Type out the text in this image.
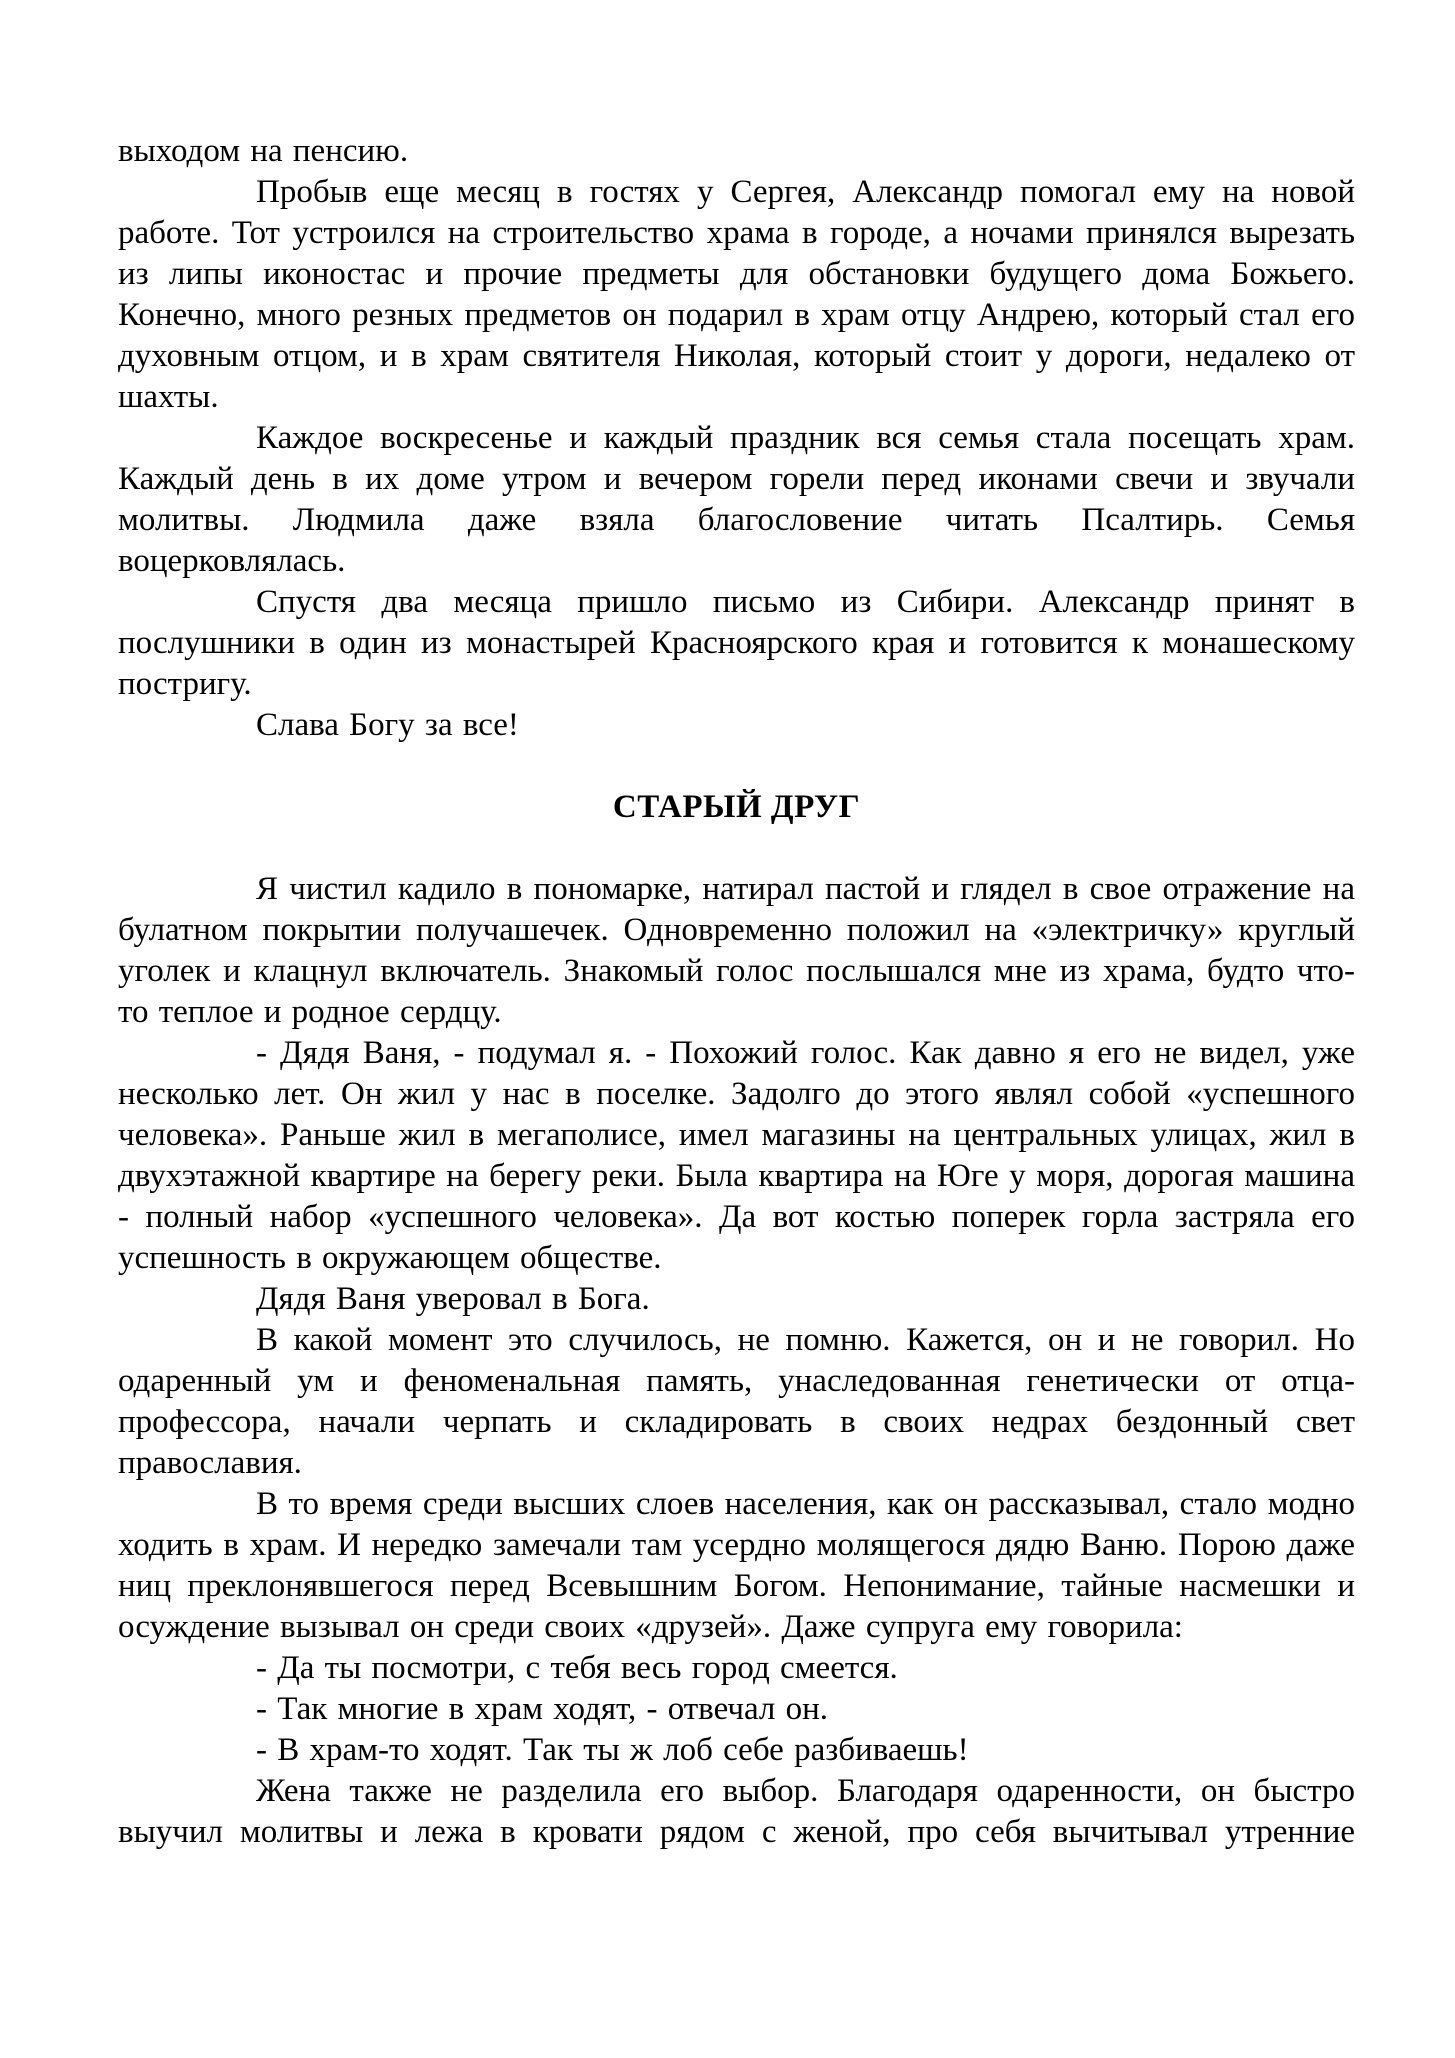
выходом на пенсию.

Пробыв еще месяц в гостях у Сергея, Александр помогал ему на новой работе. Тот устроился на строительство храма в городе, а ночами принялся вырезать из липы иконостас и прочие предметы для обстановки будущего дома Божьего. Конечно, много резных предметов он подарил в храм отцу Андрею, который стал его духовным отцом, и в храм святителя Николая, который стоит у дороги, недалеко от шахты.

Каждое воскресенье и каждый праздник вся семья стала посещать храм. Каждый день в их доме утром и вечером горели перед иконами свечи и звучали молитвы. Людмила даже взяла благословение читать Псалтирь. Семья воцерковлялась.

Спустя два месяца пришло письмо из Сибири. Александр принят в послушники в один из монастырей Красноярского края и готовится к монашескому постригу.

Слава Богу за все!

СТАРЫЙ ДРУГ

Я чистил кадило в пономарке, натирал пастой и глядел в свое отражение на булатном покрытии получашечек. Одновременно положил на «электричку» круглый уголек и клацнул включатель. Знакомый голос послышался мне из храма, будто что-то теплое и родное сердцу.

- Дядя Ваня, - подумал я. - Похожий голос. Как давно я его не видел, уже несколько лет. Он жил у нас в поселке. Задолго до этого являл собой «успешного человека». Раньше жил в мегаполисе, имел магазины на центральных улицах, жил в двухэтажной квартире на берегу реки. Была квартира на Юге у моря, дорогая машина - полный набор «успешного человека». Да вот костью поперек горла застряла его успешность в окружающем обществе.

Дядя Ваня уверовал в Бога.

В какой момент это случилось, не помню. Кажется, он и не говорил. Но одаренный ум и феноменальная память, унаследованная генетически от отца-профессора, начали черпать и складировать в своих недрах бездонный свет православия.

В то время среди высших слоев населения, как он рассказывал, стало модно ходить в храм. И нередко замечали там усердно молящегося дядю Ваню. Порою даже ниц преклонявшегося перед Всевышним Богом. Непонимание, тайные насмешки и осуждение вызывал он среди своих «друзей». Даже супруга ему говорила:

- Да ты посмотри, с тебя весь город смеется.

- Так многие в храм ходят, - отвечал он.

- В храм-то ходят. Так ты ж лоб себе разбиваешь!

Жена также не разделила его выбор. Благодаря одаренности, он быстро выучил молитвы и лежа в кровати рядом с женой, про себя вычитывал утренние
